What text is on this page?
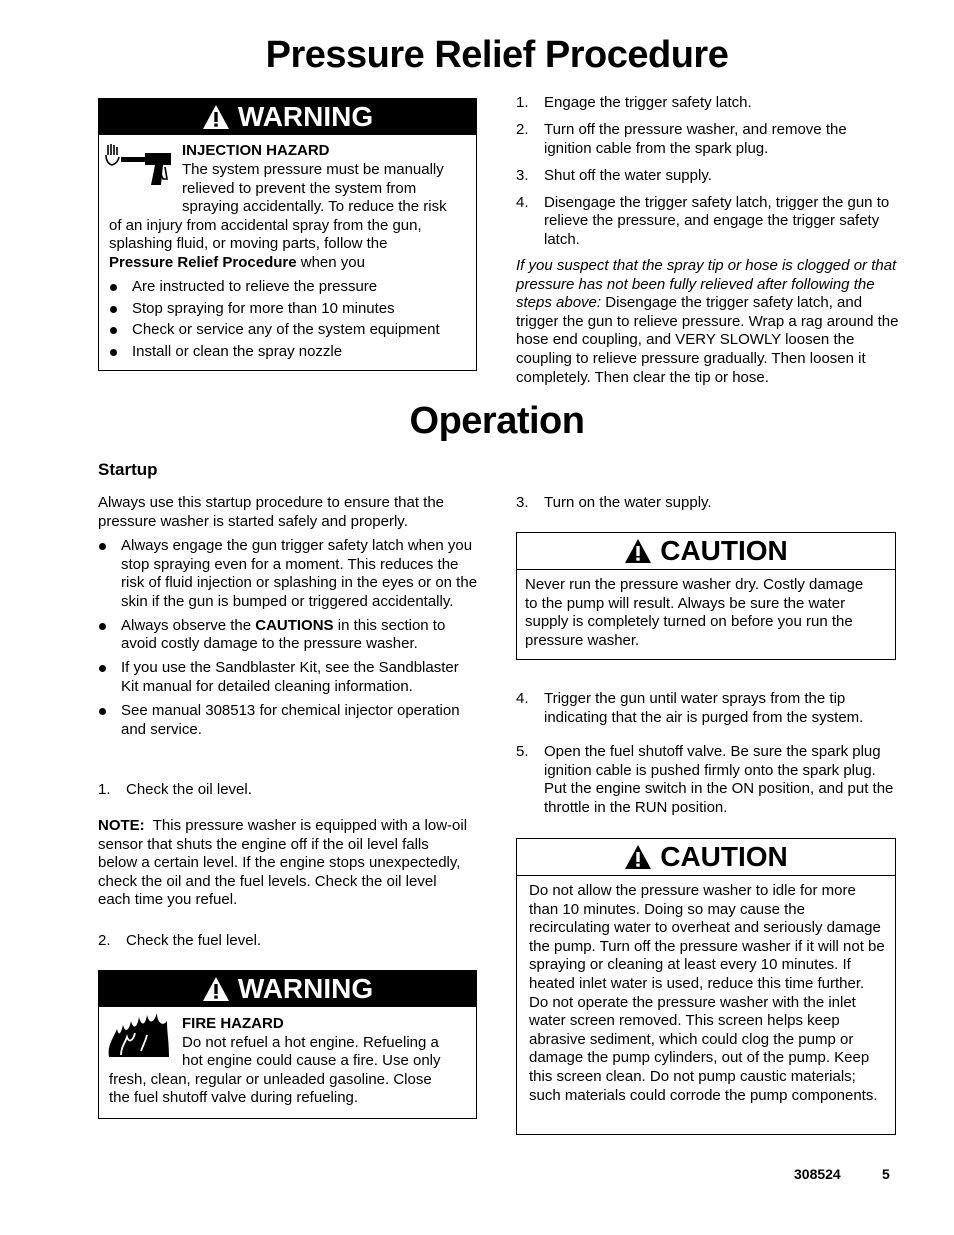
Pressure Relief Procedure
WARNING
INJECTION HAZARD
The system pressure must be manually
relieved to prevent the system from
spraying accidentally. To reduce the risk
of an injury from accidental spray from the gun,
splashing fluid, or moving parts, follow the
Pressure Relief Procedure when you
Are instructed to relieve the pressure
Stop spraying for more than 10 minutes
Check or service any of the system equipment
Install or clean the spray nozzle
1. Engage the trigger safety latch.
2. Turn off the pressure washer, and remove the ignition cable from the spark plug.
3. Shut off the water supply.
4. Disengage the trigger safety latch, trigger the gun to relieve the pressure, and engage the trigger safety latch.
If you suspect that the spray tip or hose is clogged or that pressure has not been fully relieved after following the steps above: Disengage the trigger safety latch, and trigger the gun to relieve pressure. Wrap a rag around the hose end coupling, and VERY SLOWLY loosen the coupling to relieve pressure gradually. Then loosen it completely. Then clear the tip or hose.
Operation
Startup
Always use this startup procedure to ensure that the pressure washer is started safely and properly.
Always engage the gun trigger safety latch when you stop spraying even for a moment. This reduces the risk of fluid injection or splashing in the eyes or on the skin if the gun is bumped or triggered accidentally.
Always observe the CAUTIONS in this section to avoid costly damage to the pressure washer.
If you use the Sandblaster Kit, see the Sandblaster Kit manual for detailed cleaning information.
See manual 308513 for chemical injector operation and service.
1. Check the oil level.
NOTE:  This pressure washer is equipped with a low-oil sensor that shuts the engine off if the oil level falls below a certain level. If the engine stops unexpectedly, check the oil and the fuel levels. Check the oil level each time you refuel.
2. Check the fuel level.
WARNING
FIRE HAZARD
Do not refuel a hot engine. Refueling a
hot engine could cause a fire. Use only
fresh, clean, regular or unleaded gasoline. Close
the fuel shutoff valve during refueling.
3. Turn on the water supply.
CAUTION
Never run the pressure washer dry. Costly damage to the pump will result. Always be sure the water supply is completely turned on before you run the pressure washer.
4. Trigger the gun until water sprays from the tip indicating that the air is purged from the system.
5. Open the fuel shutoff valve. Be sure the spark plug ignition cable is pushed firmly onto the spark plug. Put the engine switch in the ON position, and put the throttle in the RUN position.
CAUTION
Do not allow the pressure washer to idle for more than 10 minutes. Doing so may cause the recirculating water to overheat and seriously damage the pump. Turn off the pressure washer if it will not be spraying or cleaning at least every 10 minutes. If heated inlet water is used, reduce this time further. Do not operate the pressure washer with the inlet water screen removed. This screen helps keep abrasive sediment, which could clog the pump or damage the pump cylinders, out of the pump. Keep this screen clean. Do not pump caustic materials; such materials could corrode the pump components.
308524	5
